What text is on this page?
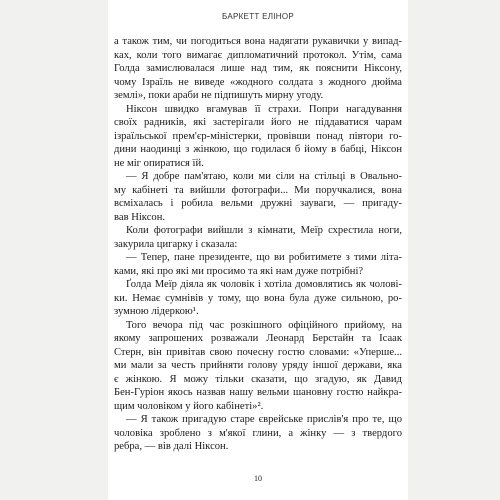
БАРКЕТТ ЕЛІНОР
а також тим, чи погодиться вона надягати рукавички у випад-
ках, коли того вимагає дипломатичний протокол. Утім, сама
Голда замислювалася лише над тим, як пояснити Ніксону,
чому Ізраїль не виведе «жодного солдата з жодного дюйма
землі», поки араби не підпишуть мирну угоду.
Ніксон швидко вгамував її страхи. Попри нагадування
своїх радників, які застерігали його не піддаватися чарам
ізраїльської прем'єр-міністерки, провівши понад півтори го-
дини наодинці з жінкою, що годилася б йому в бабці, Ніксон
не міг опиратися їй.
— Я добре пам'ятаю, коли ми сіли на стільці в Овально-
му кабінеті та вийшли фотографи... Ми поручкалися, вона
всміхалась і робила вельми дружні зауваги, — пригаду-
вав Ніксон.
Коли фотографи вийшли з кімнати, Меїр схрестила ноги,
закурила цигарку і сказала:
— Тепер, пане президенте, що ви робитимете з тими літа-
ками, які про які ми просимо та які нам дуже потрібні?
Ґолда Меїр діяла як чоловік і хотіла домовлятись як чолові-
ки. Немає сумнівів у тому, що вона була дуже сильною, ро-
зумною лідеркою¹.
Того вечора під час розкішного офіційного прийому, на
якому запрошених розважали Леонард Берстайн та Ісаак
Стерн, він привітав свою почесну гостю словами: «Уперше...
ми мали за честь прийняти голову уряду іншої держави, яка
є жінкою. Я можу тільки сказати, що згадую, як Давид
Бен-Гуріон якось назвав нашу вельми шановну гостю найкра-
щим чоловіком у його кабінеті»².
— Я також пригадую старе єврейське прислів'я про те, що
чоловіка зроблено з м'якої глини, а жінку — з твердого
ребра, — вів далі Ніксон.
10
